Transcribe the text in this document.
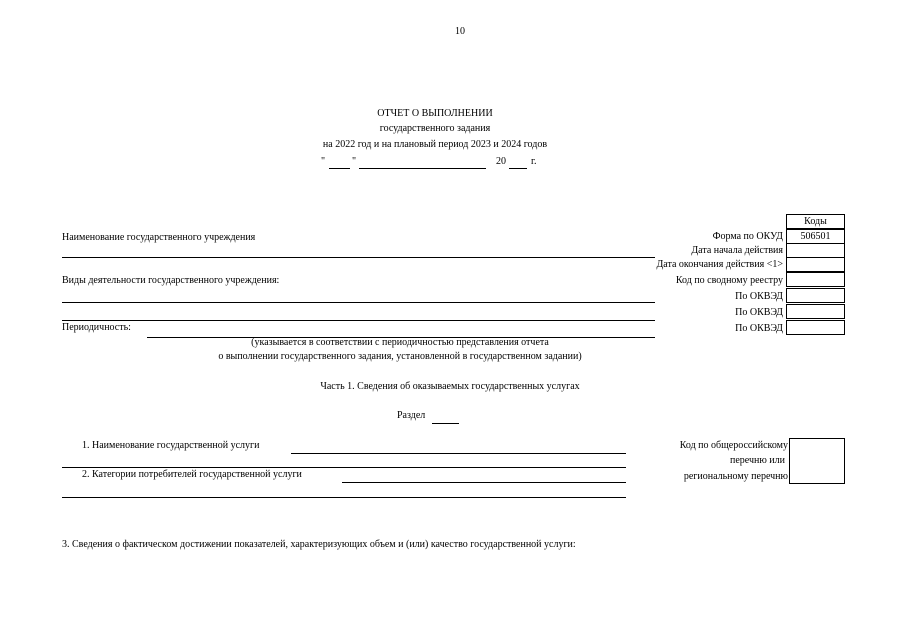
10
ОТЧЕТ О ВЫПОЛНЕНИИ
государственного задания
на 2022 год и на плановый период 2023 и 2024 годов
"	"	20	г.
Наименование государственного учреждения
Виды деятельности государственного учреждения:
Периодичность:
(указывается в соответствии с периодичностью представления отчета
о выполнении государственного задания, установленной в государственном задании)
Коды
Форма по ОКУД	506501
Дата начала действия
Дата окончания действия <1>
Код по сводному реестру
По ОКВЭД
По ОКВЭД
По ОКВЭД
Часть 1. Сведения об оказываемых государственных услугах
Раздел
1. Наименование государственной услуги
2. Категории потребителей государственной услуги
Код по общероссийскому
перечню или
региональному перечню
3. Сведения о фактическом достижении показателей, характеризующих объем и (или) качество государственной услуги:
